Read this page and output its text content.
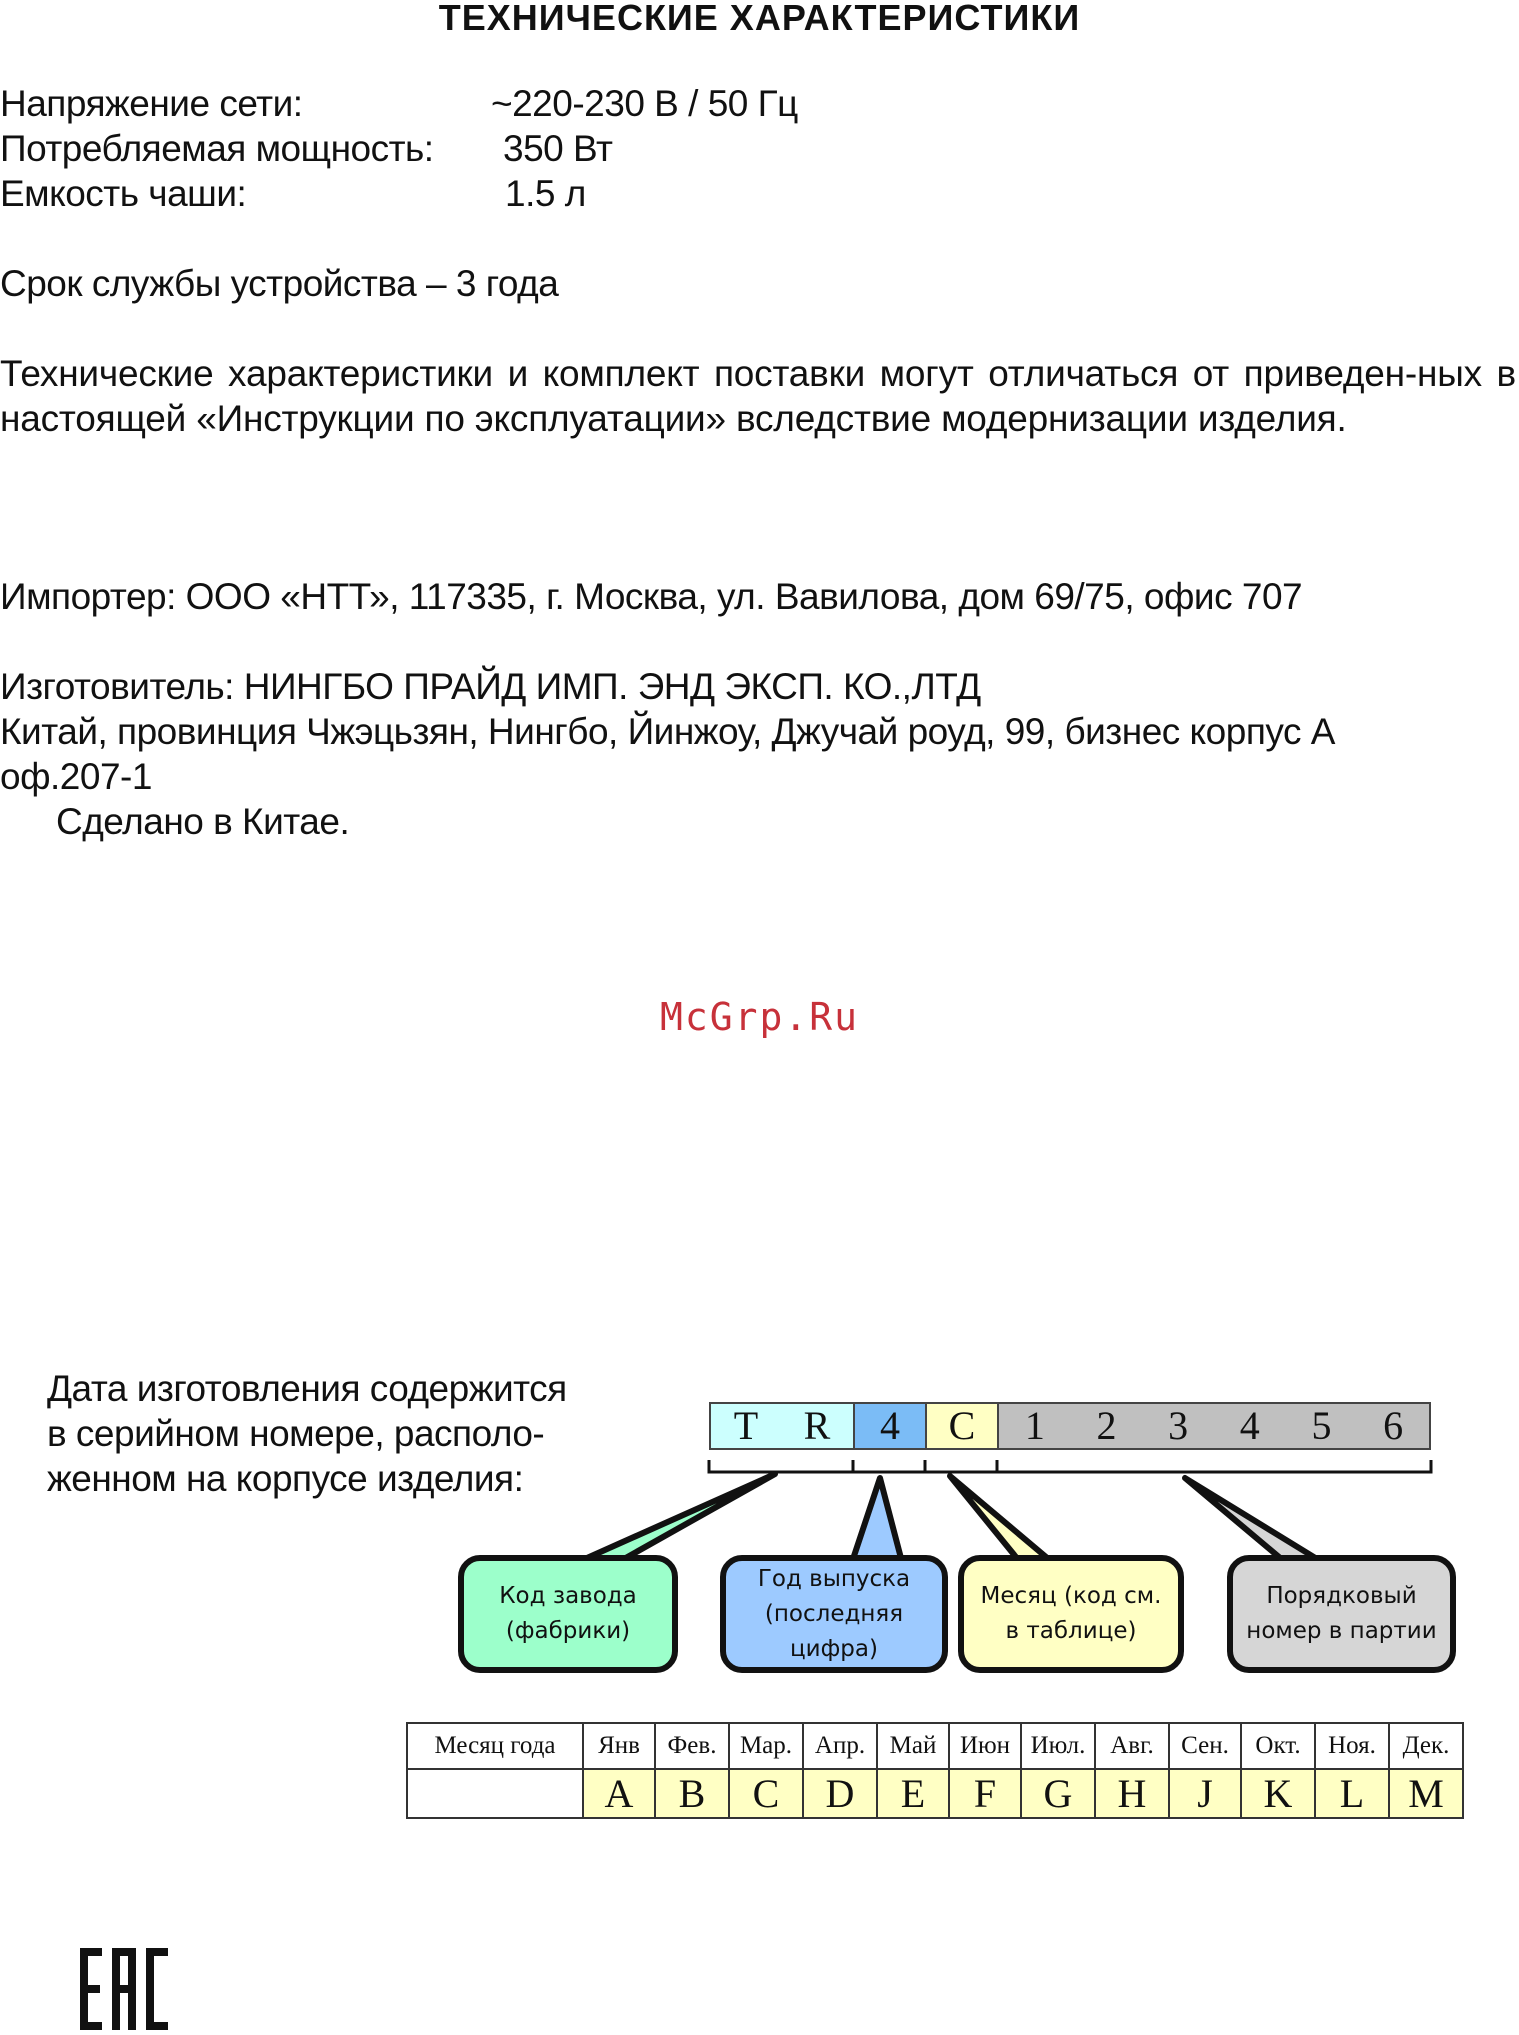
ТЕХНИЧЕСКИЕ ХАРАКТЕРИСТИКИ
Напряжение сети:	~220-230 В / 50 Гц
Потребляемая мощность: 350 Вт
Емкость чаши:	1.5 л
Срок службы устройства – 3 года
Технические характеристики и комплект поставки могут отличаться от приведен-ных в настоящей «Инструкции по эксплуатации» вследствие модернизации изделия.
Импортер: ООО «НТТ», 117335, г. Москва, ул. Вавилова, дом 69/75, офис 707
Изготовитель: НИНГБО ПРАЙД ИМП. ЭНД ЭКСП. КО.,ЛТД
Китай, провинция Чжэцьзян, Нингбо, Йинжоу, Джучай роуд, 99, бизнес корпус А
оф.207-1
Сделано в Китае.
McGrp.Ru
Дата изготовления содержится
в серийном номере, располо-
женном на корпусе изделия:
T R 4 C 1 2 3 4 5 6
Код завода
(фабрики)
Год выпуска
(последняя
цифра)
Месяц (код см.
в таблице)
Порядковый
номер в партии
Месяц года	Янв	Фев.	Мар.	Апр.	Май	Июн	Июл.	Авг.	Сен.	Окт.	Ноя.	Дек.
	A	B	C	D	E	F	G	H	J	K	L	M
